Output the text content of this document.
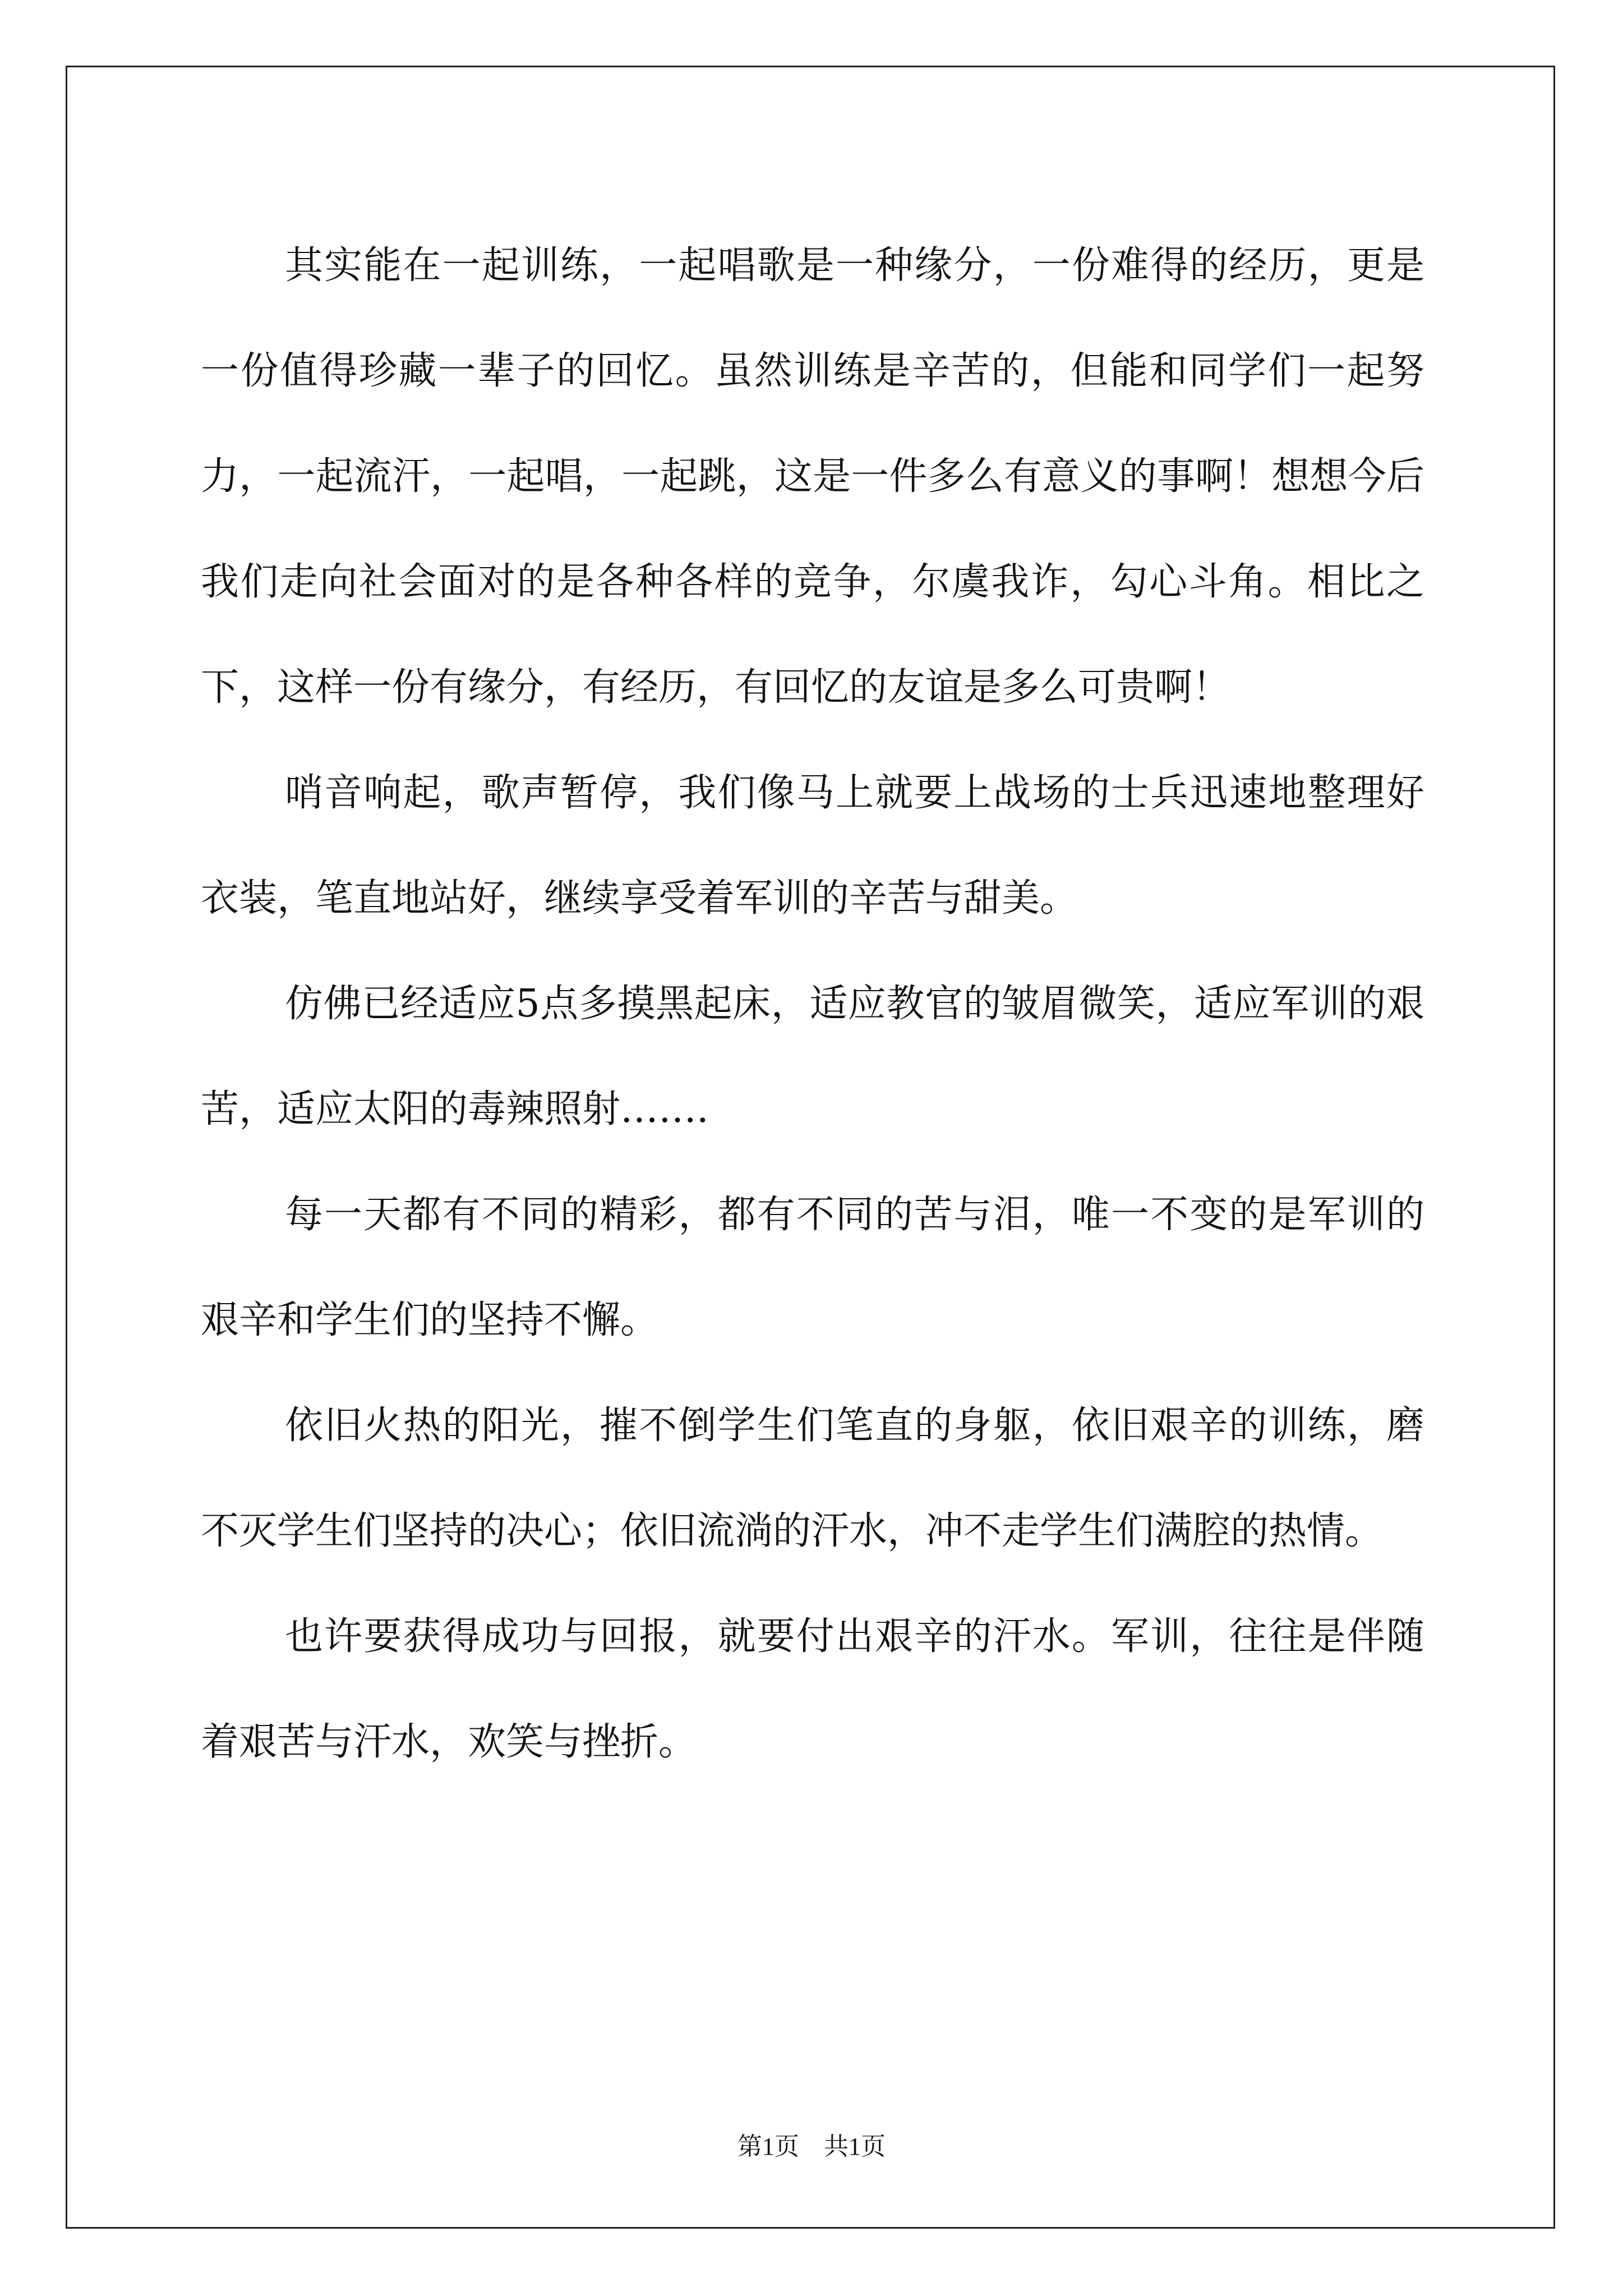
其实能在一起训练，一起唱歌是一种缘分，一份难得的经历，更是一份值得珍藏一辈子的回忆。虽然训练是辛苦的，但能和同学们一起努力，一起流汗，一起唱，一起跳，这是一件多么有意义的事啊！想想今后我们走向社会面对的是各种各样的竞争，尔虞我诈，勾心斗角。相比之下，这样一份有缘分，有经历，有回忆的友谊是多么可贵啊！

哨音响起，歌声暂停，我们像马上就要上战场的士兵迅速地整理好衣装，笔直地站好，继续享受着军训的辛苦与甜美。

仿佛已经适应5点多摸黑起床，适应教官的皱眉微笑，适应军训的艰苦，适应太阳的毒辣照射…….

每一天都有不同的精彩，都有不同的苦与泪，唯一不变的是军训的艰辛和学生们的坚持不懈。

依旧火热的阳光，摧不倒学生们笔直的身躯，依旧艰辛的训练，磨不灭学生们坚持的决心；依旧流淌的汗水，冲不走学生们满腔的热情。

也许要获得成功与回报，就要付出艰辛的汗水。军训，往往是伴随着艰苦与汗水，欢笑与挫折。

第1页　共1页
